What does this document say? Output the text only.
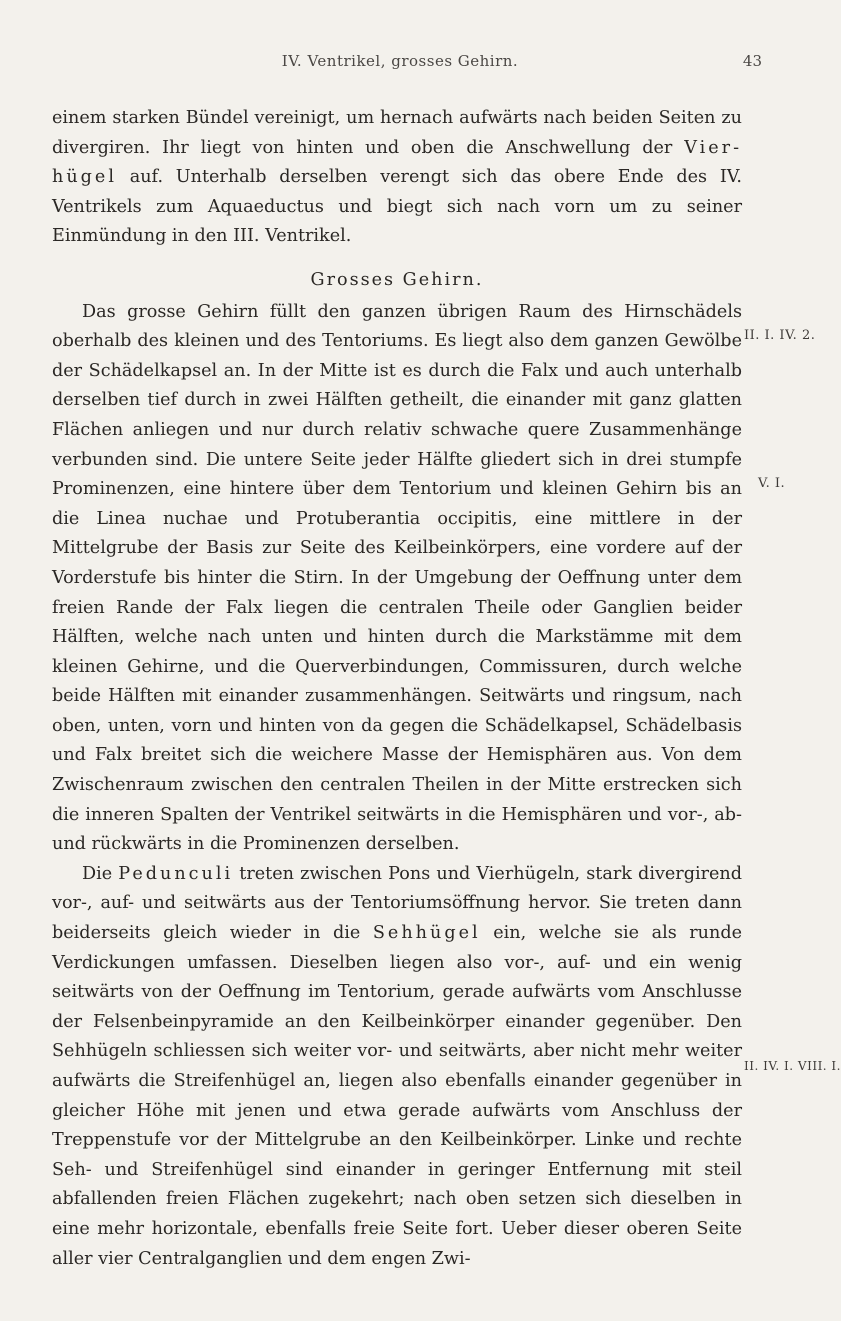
IV. Ventrikel, grosses Gehirn.	43

einem starken Bündel vereinigt, um hernach aufwärts nach beiden Seiten zu divergiren. Ihr liegt von hinten und oben die Anschwellung der Vier-hügel auf. Unterhalb derselben verengt sich das obere Ende des IV. Ventrikels zum Aquaeductus und biegt sich nach vorn um zu seiner Einmündung in den III. Ventrikel.

Grosses Gehirn.

Das grosse Gehirn füllt den ganzen übrigen Raum des Hirnschädels oberhalb des kleinen und des Tentoriums. Es liegt also dem ganzen Gewölbe der Schädelkapsel an. In der Mitte ist es durch die Falx und auch unterhalb derselben tief durch in zwei Hälften getheilt, die einander mit ganz glatten Flächen anliegen und nur durch relativ schwache quere Zusammenhänge verbunden sind. Die untere Seite jeder Hälfte gliedert sich in drei stumpfe Prominenzen, eine hintere über dem Tentorium und kleinen Gehirn bis an die Linea nuchae und Protuberantia occipitis, eine mittlere in der Mittelgrube der Basis zur Seite des Keilbeinkörpers, eine vordere auf der Vorderstufe bis hinter die Stirn. In der Umgebung der Oeffnung unter dem freien Rande der Falx liegen die centralen Theile oder Ganglien beider Hälften, welche nach unten und hinten durch die Markstämme mit dem kleinen Gehirne, und die Querverbindungen, Commissuren, durch welche beide Hälften mit einander zusammenhängen. Seitwärts und ringsum, nach oben, unten, vorn und hinten von da gegen die Schädelkapsel, Schädelbasis und Falx breitet sich die weichere Masse der Hemisphären aus. Von dem Zwischenraum zwischen den centralen Theilen in der Mitte erstrecken sich die inneren Spalten der Ventrikel seitwärts in die Hemisphären und vor-, ab- und rückwärts in die Prominenzen derselben.

Die Pedunculi treten zwischen Pons und Vierhügeln, stark divergirend vor-, auf- und seitwärts aus der Tentoriumsöffnung hervor. Sie treten dann beiderseits gleich wieder in die Sehhügel ein, welche sie als runde Verdickungen umfassen. Dieselben liegen also vor-, auf- und ein wenig seitwärts von der Oeffnung im Tentorium, gerade aufwärts vom Anschlusse der Felsenbeinpyramide an den Keilbeinkörper einander gegenüber. Den Sehhügeln schliessen sich weiter vor- und seitwärts, aber nicht mehr weiter aufwärts die Streifenhügel an, liegen also ebenfalls einander gegenüber in gleicher Höhe mit jenen und etwa gerade aufwärts vom Anschluss der Treppenstufe vor der Mittelgrube an den Keilbeinkörper. Linke und rechte Seh- und Streifenhügel sind einander in geringer Entfernung mit steil abfallenden freien Flächen zugekehrt; nach oben setzen sich dieselben in eine mehr horizontale, ebenfalls freie Seite fort. Ueber dieser oberen Seite aller vier Centralganglien und dem engen Zwi-

II. I. IV. 2.
V. I.
II. IV. I. VIII. I.
